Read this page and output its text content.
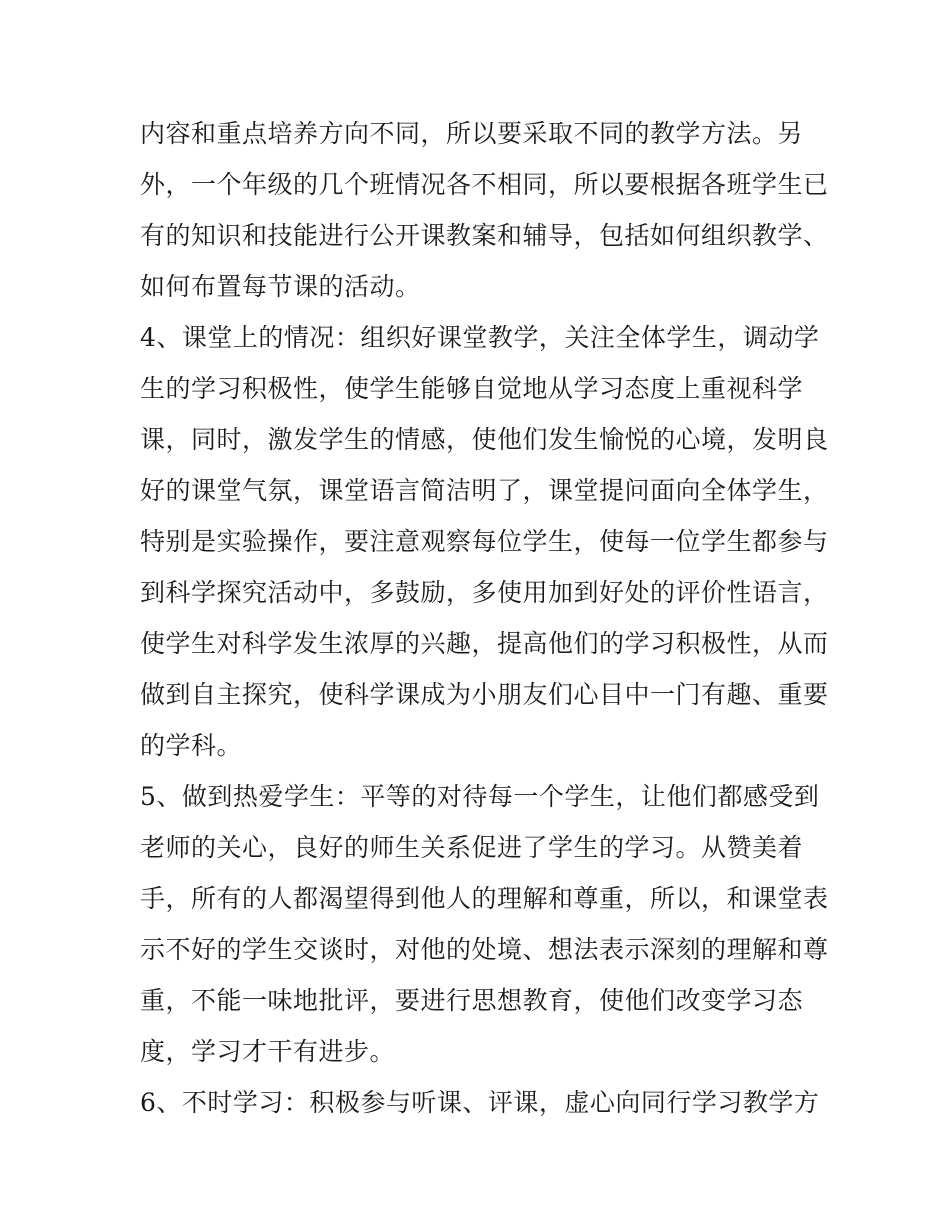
内容和重点培养方向不同，所以要采取不同的教学方法。另
外，一个年级的几个班情况各不相同，所以要根据各班学生已
有的知识和技能进行公开课教案和辅导，包括如何组织教学、
如何布置每节课的活动。
4、课堂上的情况：组织好课堂教学，关注全体学生，调动学
生的学习积极性，使学生能够自觉地从学习态度上重视科学
课，同时，激发学生的情感，使他们发生愉悦的心境，发明良
好的课堂气氛，课堂语言简洁明了，课堂提问面向全体学生，
特别是实验操作，要注意观察每位学生，使每一位学生都参与
到科学探究活动中，多鼓励，多使用加到好处的评价性语言，
使学生对科学发生浓厚的兴趣，提高他们的学习积极性，从而
做到自主探究，使科学课成为小朋友们心目中一门有趣、重要
的学科。
5、做到热爱学生：平等的对待每一个学生，让他们都感受到
老师的关心，良好的师生关系促进了学生的学习。从赞美着
手，所有的人都渴望得到他人的理解和尊重，所以，和课堂表
示不好的学生交谈时，对他的处境、想法表示深刻的理解和尊
重，不能一味地批评，要进行思想教育，使他们改变学习态
度，学习才干有进步。
6、不时学习：积极参与听课、评课，虚心向同行学习教学方
